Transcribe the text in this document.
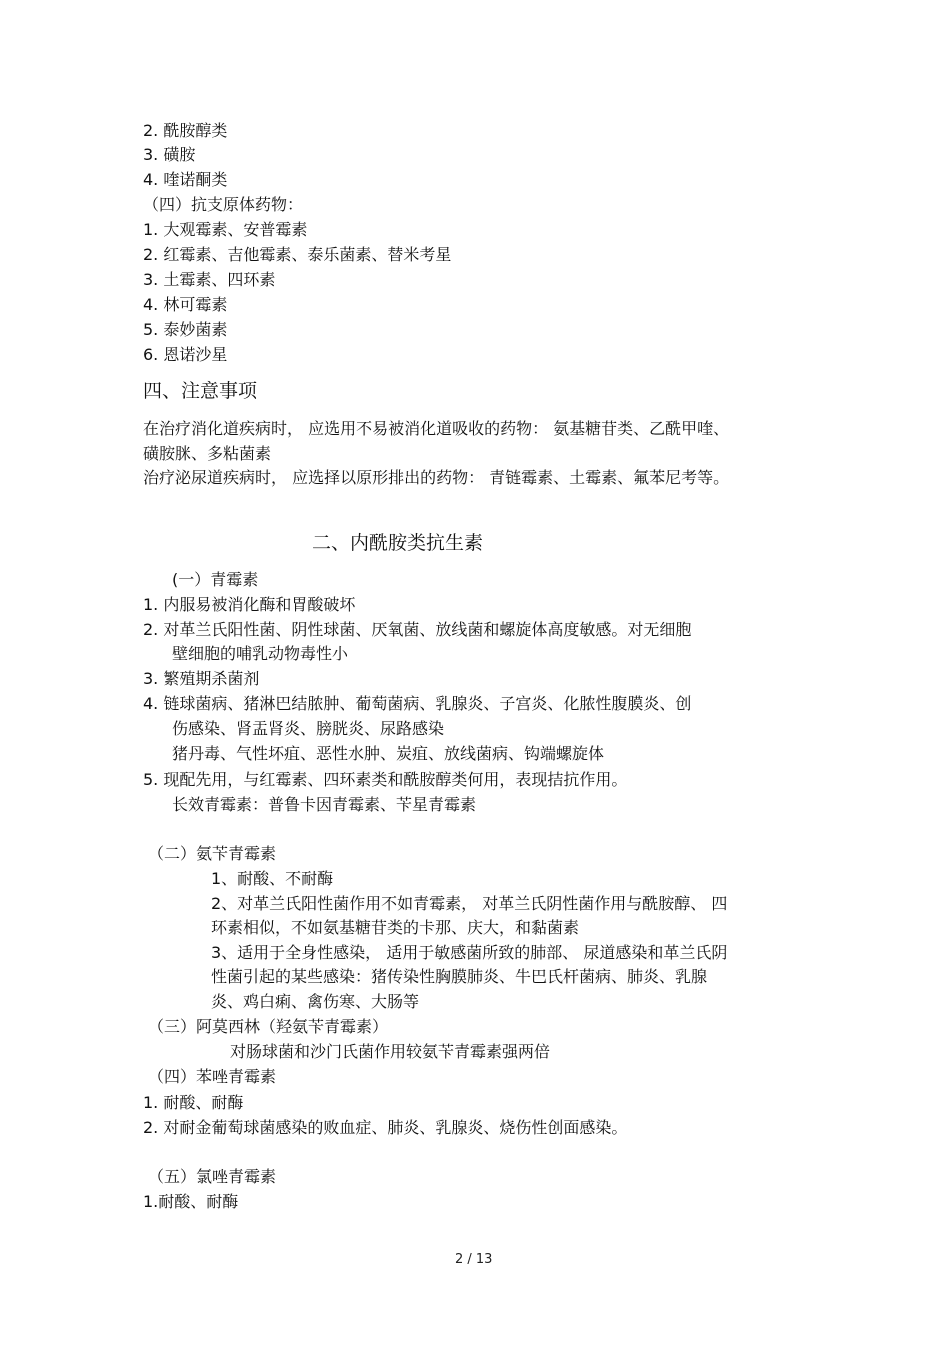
2. 酰胺醇类
3. 磺胺
4. 喹诺酮类
（四）抗支原体药物：
1. 大观霉素、安普霉素
2. 红霉素、吉他霉素、泰乐菌素、替米考星
3. 土霉素、四环素
4. 林可霉素
5. 泰妙菌素
6. 恩诺沙星
四、注意事项
在治疗消化道疾病时， 应选用不易被消化道吸收的药物： 氨基糖苷类、乙酰甲喹、
磺胺脒、多粘菌素
治疗泌尿道疾病时， 应选择以原形排出的药物： 青链霉素、土霉素、氟苯尼考等。
二、内酰胺类抗生素
(一）青霉素
1. 内服易被消化酶和胃酸破坏
2. 对革兰氏阳性菌、阴性球菌、厌氧菌、放线菌和螺旋体高度敏感。对无细胞
壁细胞的哺乳动物毒性小
3. 繁殖期杀菌剂
4. 链球菌病、猪淋巴结脓肿、葡萄菌病、乳腺炎、子宫炎、化脓性腹膜炎、创
伤感染、肾盂肾炎、膀胱炎、尿路感染
猪丹毒、气性坏疽、恶性水肿、炭疽、放线菌病、钩端螺旋体
5. 现配先用，与红霉素、四环素类和酰胺醇类何用，表现拮抗作用。
长效青霉素：普鲁卡因青霉素、苄星青霉素
（二）氨苄青霉素
1、耐酸、不耐酶
2、对革兰氏阳性菌作用不如青霉素， 对革兰氏阴性菌作用与酰胺醇、 四
环素相似，不如氨基糖苷类的卡那、庆大，和黏菌素
3、适用于全身性感染， 适用于敏感菌所致的肺部、 尿道感染和革兰氏阴
性菌引起的某些感染：猪传染性胸膜肺炎、牛巴氏杆菌病、肺炎、乳腺
炎、鸡白痢、禽伤寒、大肠等
（三）阿莫西林（羟氨苄青霉素）
对肠球菌和沙门氏菌作用较氨苄青霉素强两倍
（四）苯唑青霉素
1. 耐酸、耐酶
2. 对耐金葡萄球菌感染的败血症、肺炎、乳腺炎、烧伤性创面感染。
（五）氯唑青霉素
1.耐酸、耐酶
2 / 13
